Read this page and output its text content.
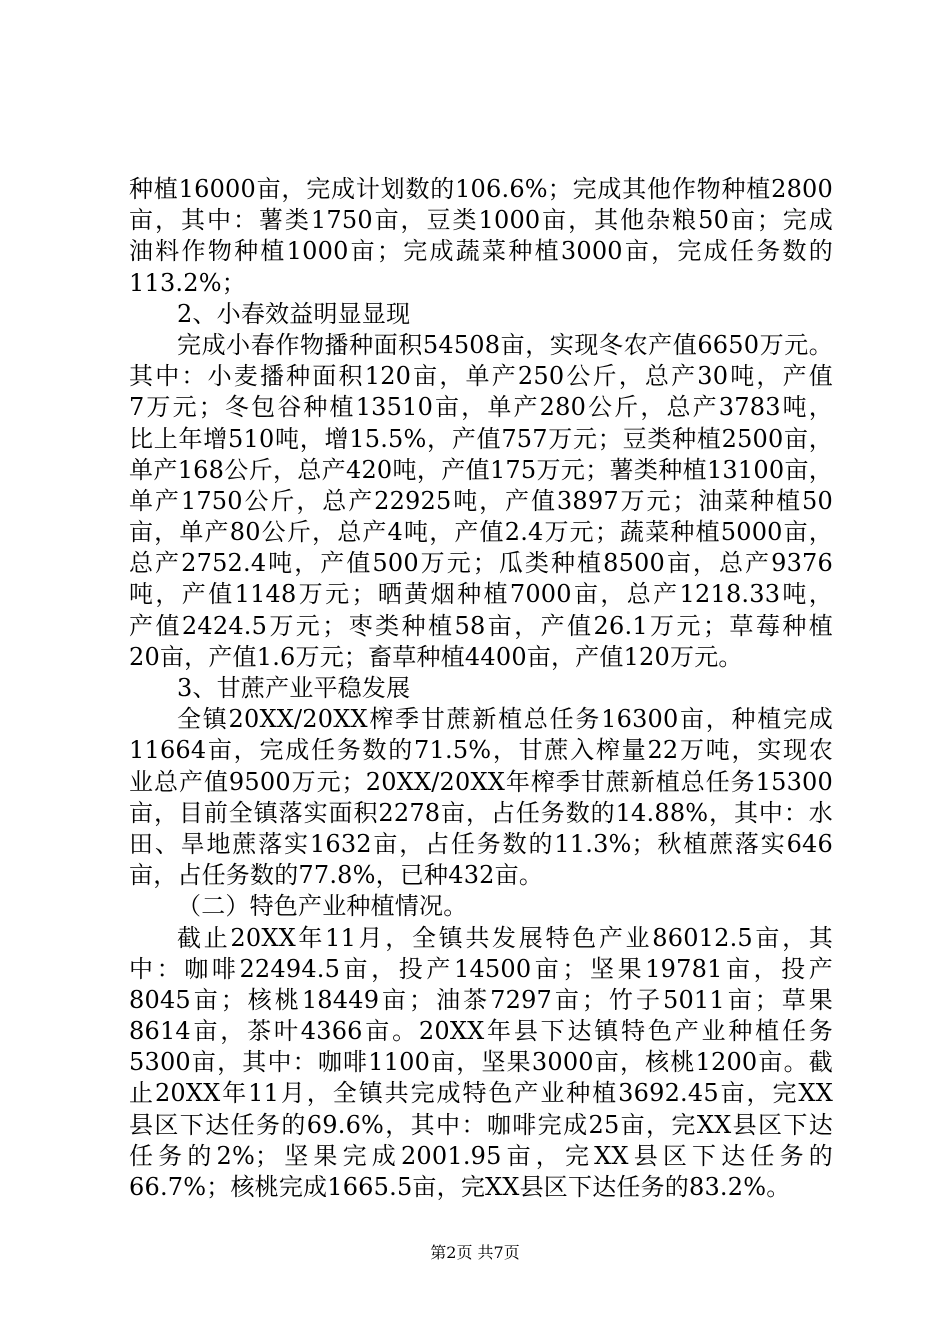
种植16000亩，完成计划数的106.6%；完成其他作物种植2800
亩，其中：薯类1750亩，豆类1000亩，其他杂粮50亩；完成
油料作物种植1000亩；完成蔬菜种植3000亩，完成任务数的
113.2%；
2、小春效益明显显现
完成小春作物播种面积54508亩，实现冬农产值6650万元。
其中：小麦播种面积120亩，单产250公斤，总产30吨，产值
7万元；冬包谷种植13510亩，单产280公斤，总产3783吨，
比上年增510吨，增15.5%，产值757万元；豆类种植2500亩，
单产168公斤，总产420吨，产值175万元；薯类种植13100亩，
单产1750公斤，总产22925吨，产值3897万元；油菜种植50
亩，单产80公斤，总产4吨，产值2.4万元；蔬菜种植5000亩，
总产2752.4吨，产值500万元；瓜类种植8500亩，总产9376
吨，产值1148万元；晒黄烟种植7000亩，总产1218.33吨，
产值2424.5万元；枣类种植58亩，产值26.1万元；草莓种植
20亩，产值1.6万元；畜草种植4400亩，产值120万元。
3、甘蔗产业平稳发展
全镇20XX/20XX榨季甘蔗新植总任务16300亩，种植完成
11664亩，完成任务数的71.5%，甘蔗入榨量22万吨，实现农
业总产值9500万元；20XX/20XX年榨季甘蔗新植总任务15300
亩，目前全镇落实面积2278亩，占任务数的14.88%，其中：水
田、旱地蔗落实1632亩，占任务数的11.3%；秋植蔗落实646
亩，占任务数的77.8%，已种432亩。
（二）特色产业种植情况。
截止20XX年11月，全镇共发展特色产业86012.5亩，其
中：咖啡22494.5亩，投产14500亩；坚果19781亩，投产
8045亩；核桃18449亩；油茶7297亩；竹子5011亩；草果
8614亩，茶叶4366亩。20XX年县下达镇特色产业种植任务
5300亩，其中：咖啡1100亩，坚果3000亩，核桃1200亩。截
止20XX年11月，全镇共完成特色产业种植3692.45亩，完XX
县区下达任务的69.6%，其中：咖啡完成25亩，完XX县区下达
任务的2%；坚果完成2001.95亩，完XX县区下达任务的
66.7%；核桃完成1665.5亩，完XX县区下达任务的83.2%。
第2页 共7页
